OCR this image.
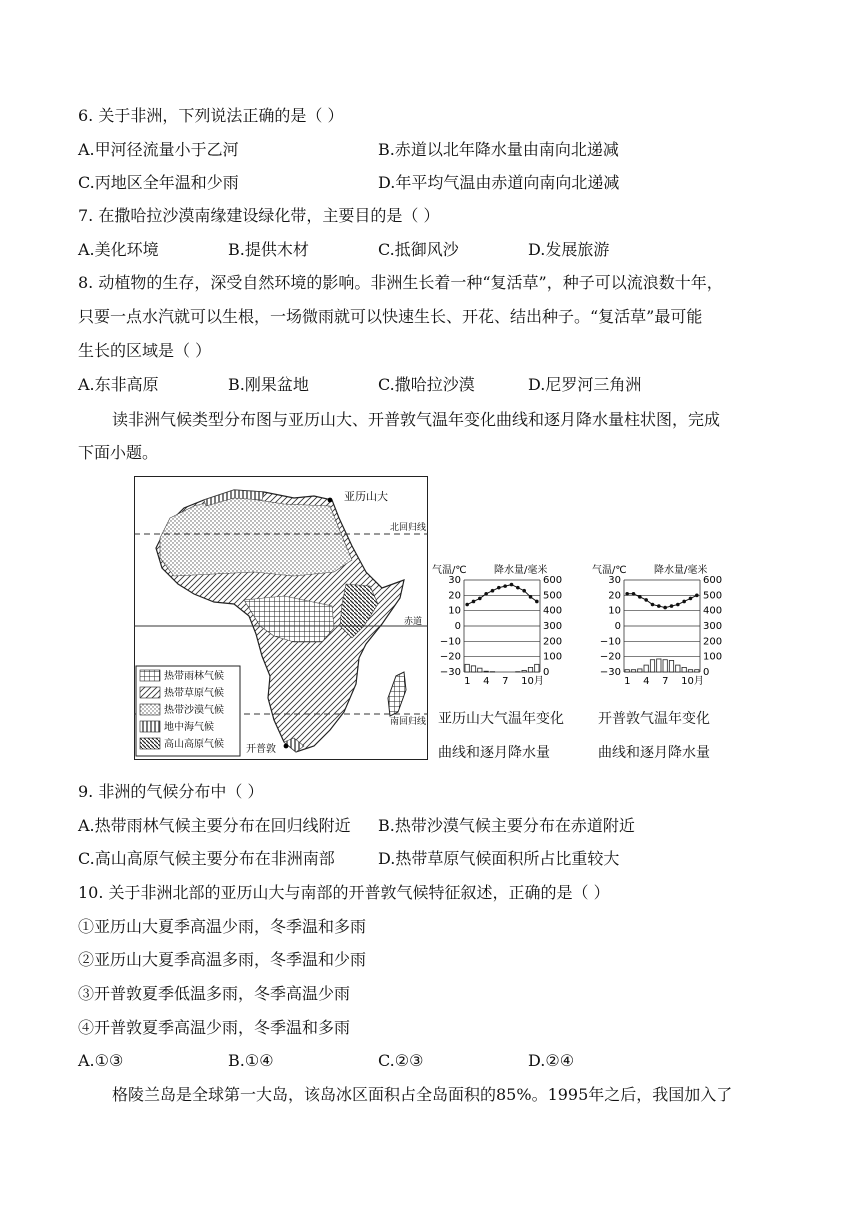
6. 关于非洲，下列说法正确的是（ ）
A.甲河径流量小于乙河	B.赤道以北年降水量由南向北递减
C.丙地区全年温和少雨	D.年平均气温由赤道向南向北递减
7. 在撒哈拉沙漠南缘建设绿化带，主要目的是（ ）
A.美化环境	B.提供木材	C.抵御风沙	D.发展旅游
8. 动植物的生存，深受自然环境的影响。非洲生长着一种“复活草”，种子可以流浪数十年，
只要一点水汽就可以生根，一场微雨就可以快速生长、开花、结出种子。“复活草”最可能
生长的区域是（ ）
A.东非高原	B.刚果盆地	C.撒哈拉沙漠	D.尼罗河三角洲
读非洲气候类型分布图与亚历山大、开普敦气温年变化曲线和逐月降水量柱状图，完成
下面小题。
亚历山大
北回归线
赤道
南回归线
开普敦
热带雨林气候
热带草原气候
热带沙漠气候
地中海气候
高山高原气候
气温/℃	降水量/毫米
30	600
20	500
10	400
0	300
−10	200
−20	100
−30	0
1 4 7 10月
亚历山大气温年变化
曲线和逐月降水量
气温/℃	降水量/毫米
30	600
20	500
10	400
0	300
−10	200
−20	100
−30	0
1 4 7 10月
开普敦气温年变化
曲线和逐月降水量
9. 非洲的气候分布中（ ）
A.热带雨林气候主要分布在回归线附近 B.热带沙漠气候主要分布在赤道附近
C.高山高原气候主要分布在非洲南部	D.热带草原气候面积所占比重较大
10. 关于非洲北部的亚历山大与南部的开普敦气候特征叙述，正确的是（ ）
①亚历山大夏季高温少雨，冬季温和多雨
②亚历山大夏季高温多雨，冬季温和少雨
③开普敦夏季低温多雨，冬季高温少雨
④开普敦夏季高温少雨，冬季温和多雨
A.①③	B.①④	C.②③	D.②④
格陵兰岛是全球第一大岛，该岛冰区面积占全岛面积的85%。1995年之后，我国加入了
